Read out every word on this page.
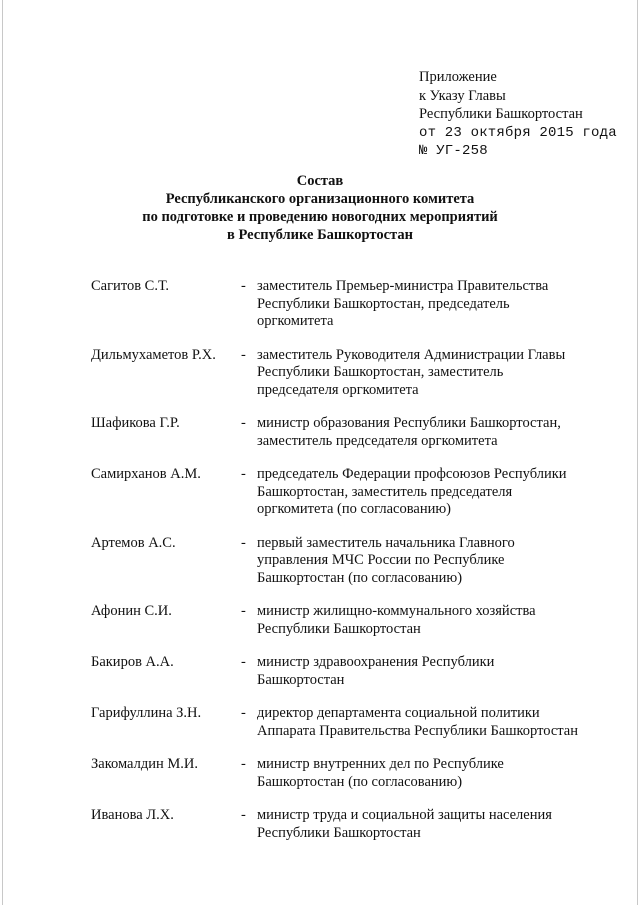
Приложение
к Указу Главы
Республики Башкортостан
от 23 октября 2015 года
№ УГ-258
Состав
Республиканского организационного комитета
по подготовке и проведению новогодних мероприятий
в Республике Башкортостан
Сагитов С.Т.	- заместитель Премьер-министра Правительства
Республики Башкортостан, председатель
оргкомитета
Дильмухаметов Р.Х.	- заместитель Руководителя Администрации Главы
Республики Башкортостан, заместитель
председателя оргкомитета
Шафикова Г.Р.	- министр образования Республики Башкортостан,
заместитель председателя оргкомитета
Самирханов А.М.	- председатель Федерации профсоюзов Республики
Башкортостан, заместитель председателя
оргкомитета (по согласованию)
Артемов А.С.	- первый заместитель начальника Главного
управления МЧС России по Республике
Башкортостан (по согласованию)
Афонин С.И.	- министр жилищно-коммунального хозяйства
Республики Башкортостан
Бакиров А.А.	- министр здравоохранения Республики
Башкортостан
Гарифуллина З.Н.	- директор департамента социальной политики
Аппарата Правительства Республики Башкортостан
Закомалдин М.И.	- министр внутренних дел по Республике
Башкортостан (по согласованию)
Иванова Л.Х.	- министр труда и социальной защиты населения
Республики Башкортостан
